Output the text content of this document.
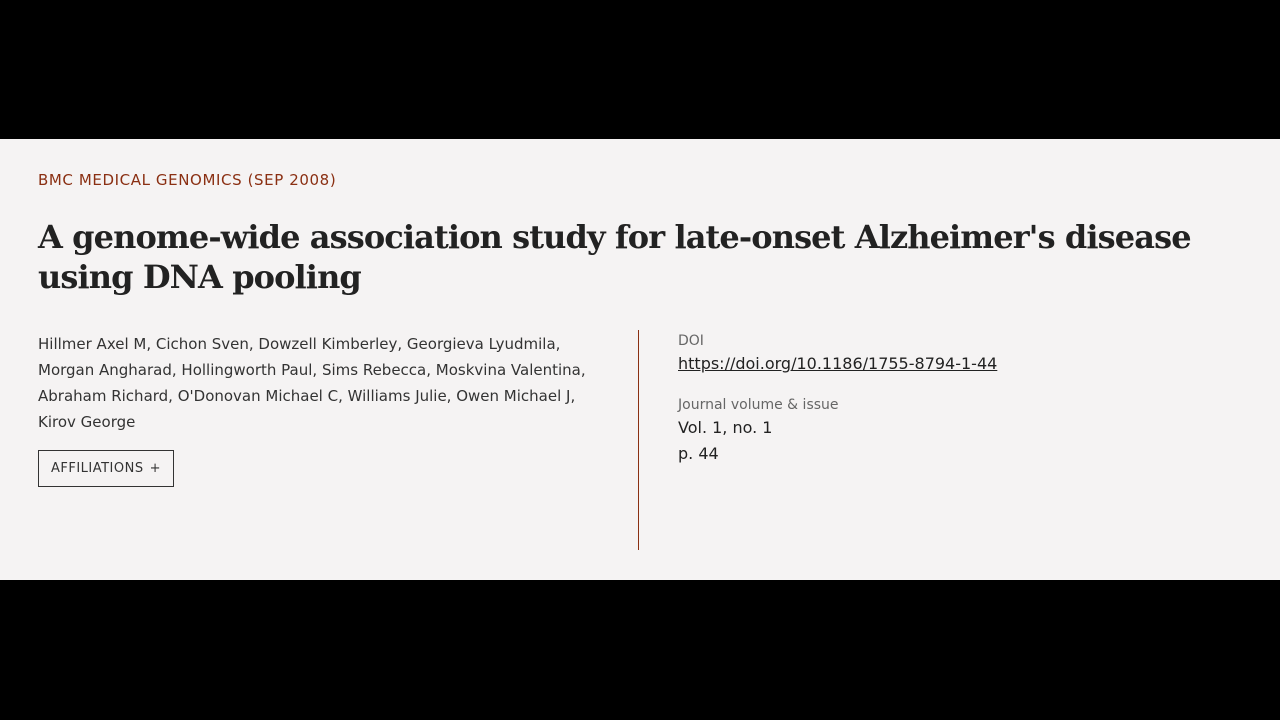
BMC MEDICAL GENOMICS (SEP 2008)
A genome-wide association study for late-onset Alzheimer's disease using DNA pooling
Hillmer Axel M, Cichon Sven, Dowzell Kimberley, Georgieva Lyudmila, Morgan Angharad, Hollingworth Paul, Sims Rebecca, Moskvina Valentina, Abraham Richard, O'Donovan Michael C, Williams Julie, Owen Michael J, Kirov George
AFFILIATIONS +
DOI
https://doi.org/10.1186/1755-8794-1-44
Journal volume & issue
Vol. 1, no. 1
p. 44
